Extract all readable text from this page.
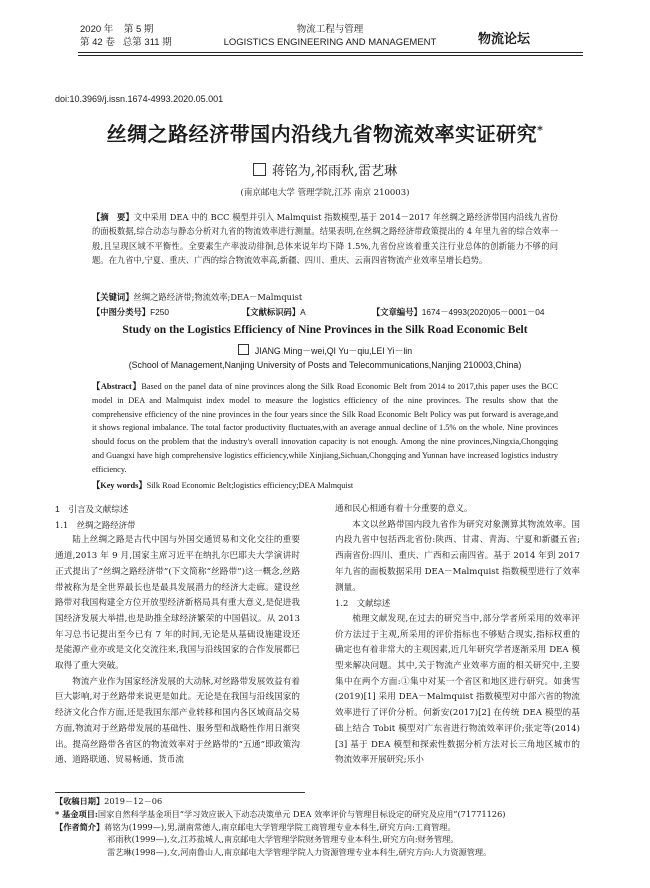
2020 年 第 5 期
第 42 卷 总第 311 期
物流工程与管理
LOGISTICS ENGINEERING AND MANAGEMENT	物流论坛
doi:10.3969/j.issn.1674-4993.2020.05.001
丝绸之路经济带国内沿线九省物流效率实证研究*
蒋铭为,祁雨秋,雷艺琳
(南京邮电大学 管理学院,江苏 南京 210003)
【摘　要】文中采用 DEA 中的 BCC 模型并引入 Malmquist 指数模型,基于 2014－2017 年丝绸之路经济带国内沿线九省份的面板数据,综合动态与静态分析对九省的物流效率进行测量。结果表明,在丝绸之路经济带政策提出的 4 年里九省的综合效率一般,且呈现区域不平衡性。全要素生产率波动徘徊,总体来说年均下降 1.5%,九省份应该着重关注行业总体的创新能力不够的问题。在九省中,宁夏、重庆、广西的综合物流效率高,新疆、四川、重庆、云南四省物流产业效率呈增长趋势。
【关键词】丝绸之路经济带;物流效率;DEA－Malmquist
【中图分类号】F250	【文献标识码】A	【文章编号】1674－4993(2020)05－0001－04
Study on the Logistics Efficiency of Nine Provinces in the Silk Road Economic Belt
JIANG Ming－wei,QI Yu－qiu,LEI Yi－lin
(School of Management,Nanjing University of Posts and Telecommunications,Nanjing 210003,China)
【Abstract】Based on the panel data of nine provinces along the Silk Road Economic Belt from 2014 to 2017,this paper uses the BCC model in DEA and Malmquist index model to measure the logistics efficiency of the nine provinces. The results show that the comprehensive efficiency of the nine provinces in the four years since the Silk Road Economic Belt Policy was put forward is average,and it shows regional imbalance. The total factor productivity fluctuates,with an average annual decline of 1.5% on the whole. Nine provinces should focus on the problem that the industry's overall innovation capacity is not enough. Among the nine provinces,Ningxia,Chongqing and Guangxi have high comprehensive logistics efficiency,while Xinjiang,Sichuan,Chongqing and Yunnan have increased logistics industry efficiency.
【Key words】Silk Road Economic Belt;logistics efficiency;DEA Malmquist
1　引言及文献综述
1.1　丝绸之路经济带

陆上丝绸之路是古代中国与外国交通贸易和文化交往的重要通道,2013 年 9 月,国家主席习近平在纳扎尔巴耶夫大学演讲时正式提出了“丝绸之路经济带”(下文简称“丝路带”)这一概念,丝路带被称为是全世界最长也是最具发展潜力的经济大走廊。建设丝路带对我国构建全方位开放型经济新格局具有重大意义,是促进我国经济发展大举措,也是助推全球经济繁荣的中国倡议。从 2013 年习总书记提出至今已有 7 年的时间,无论是从基础设施建设还是能源产业亦或是文化交流往来,我国与沿线国家的合作发展都已取得了重大突破。

物流产业作为国家经济发展的大动脉,对丝路带发展效益有着巨大影响,对于丝路带来说更是如此。无论是在我国与沿线国家的经济文化合作方面,还是我国东部产业转移和国内各区域商品交易方面,物流对于丝路带发展的基础性、服务型和战略性作用日渐突出。提高丝路带各省区的物流效率对于丝路带的“五通”即政策沟通、道路联通、贸易畅通、货币流

通和民心相通有着十分重要的意义。

本文以丝路带国内段九省作为研究对象测算其物流效率。国内段九省中包括西北省份:陕西、甘肃、青海、宁夏和新疆五省;西南省份:四川、重庆、广西和云南四省。基于 2014 年到 2017 年九省的面板数据采用 DEA－Malmquist 指数模型进行了效率测量。

1.2　文献综述

梳理文献发现,在过去的研究当中,部分学者所采用的效率评价方法过于主观,所采用的评价指标也不够贴合现实,指标权重的确定也有着非常大的主观因素,近几年研究学者逐渐采用 DEA 模型来解决问题。其中,关于物流产业效率方面的相关研究中,主要集中在两个方面:①集中对某一个省区和地区进行研究。如龚雪(2019)[1] 采用 DEA－Malmquist 指数模型对中部六省的物流效率进行了评价分析。何新安(2017)[2] 在传统 DEA 模型的基础上结合 Tobit 模型对广东省进行物流效率评价;张定等(2014)[3] 基于 DEA 模型和探索性数据分析方法对长三角地区城市的物流效率开展研究;乐小

【收稿日期】2019－12－06
* 基金项目:国家自然科学基金项目“学习效应嵌入下动态决策单元 DEA 效率评价与管理目标设定的研究及应用”(71771126)
【作者简介】蒋铭为(1999—),男,湖南常德人,南京邮电大学管理学院工商管理专业本科生,研究方向:工商管理。
祁雨秋(1999—),女,江苏盐城人,南京邮电大学管理学院财务管理专业本科生,研究方向:财务管理。
雷艺琳(1998—),女,河南鲁山人,南京邮电大学管理学院人力资源管理专业本科生,研究方向:人力资源管理。
